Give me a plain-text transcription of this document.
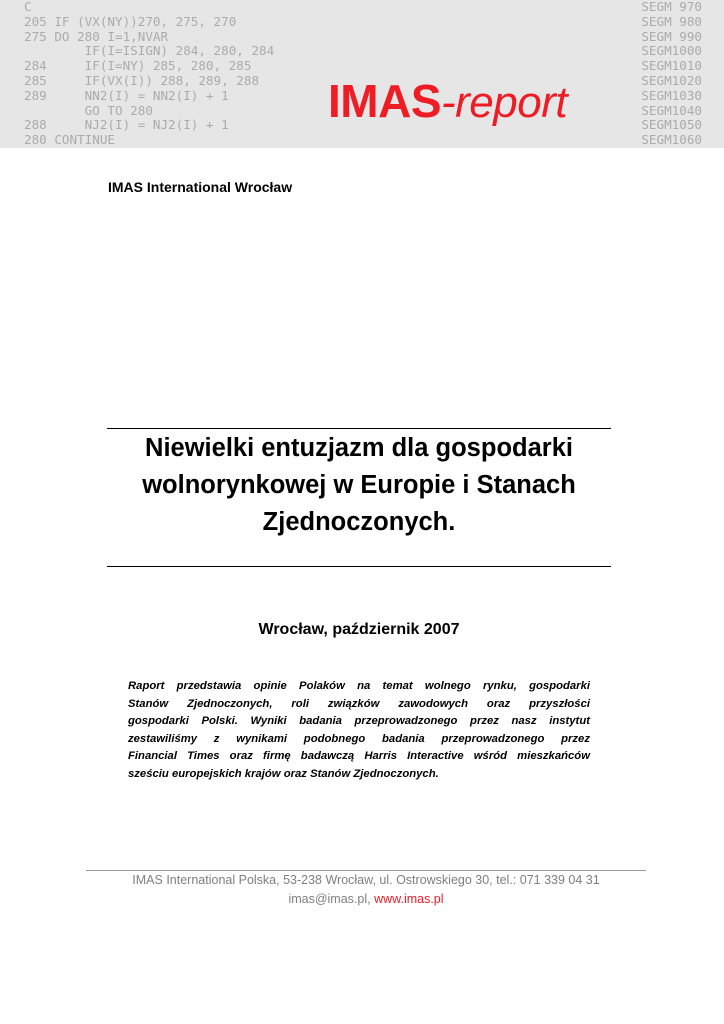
C
205 IF (VX(NY))270, 275, 270
275 DO 280 I=1,NVAR
IF(I=ISIGN) 284, 280, 284
284     IF(I=NY) 285, 280, 285
285     IF(VX(I)) 288, 289, 288
289     NN2(I) = NN2(I) + 1
GO TO 280
288     NJ2(I) = NJ2(I) + 1
280 CONTINUE
SEGM 970
SEGM 980
SEGM 990
SEGM1000
SEGM1010
SEGM1020
SEGM1030
SEGM1040
SEGM1050
SEGM1060
IMAS-report
IMAS International Wrocław
Niewielki entuzjazm dla gospodarki
wolnorynkowej w Europie i Stanach
Zjednoczonych.
Wrocław, październik 2007
Raport przedstawia opinie Polaków na temat wolnego rynku, gospodarki
Stanów Zjednoczonych, roli związków zawodowych oraz przyszłości
gospodarki Polski. Wyniki badania przeprowadzonego przez nasz instytut
zestawiliśmy z wynikami podobnego badania przeprowadzonego przez
Financial Times oraz firmę badawczą Harris Interactive wśród mieszkańców
sześciu europejskich krajów oraz Stanów Zjednoczonych.
IMAS International Polska, 53-238 Wrocław, ul. Ostrowskiego 30, tel.: 071 339 04 31
imas@imas.pl, www.imas.pl
